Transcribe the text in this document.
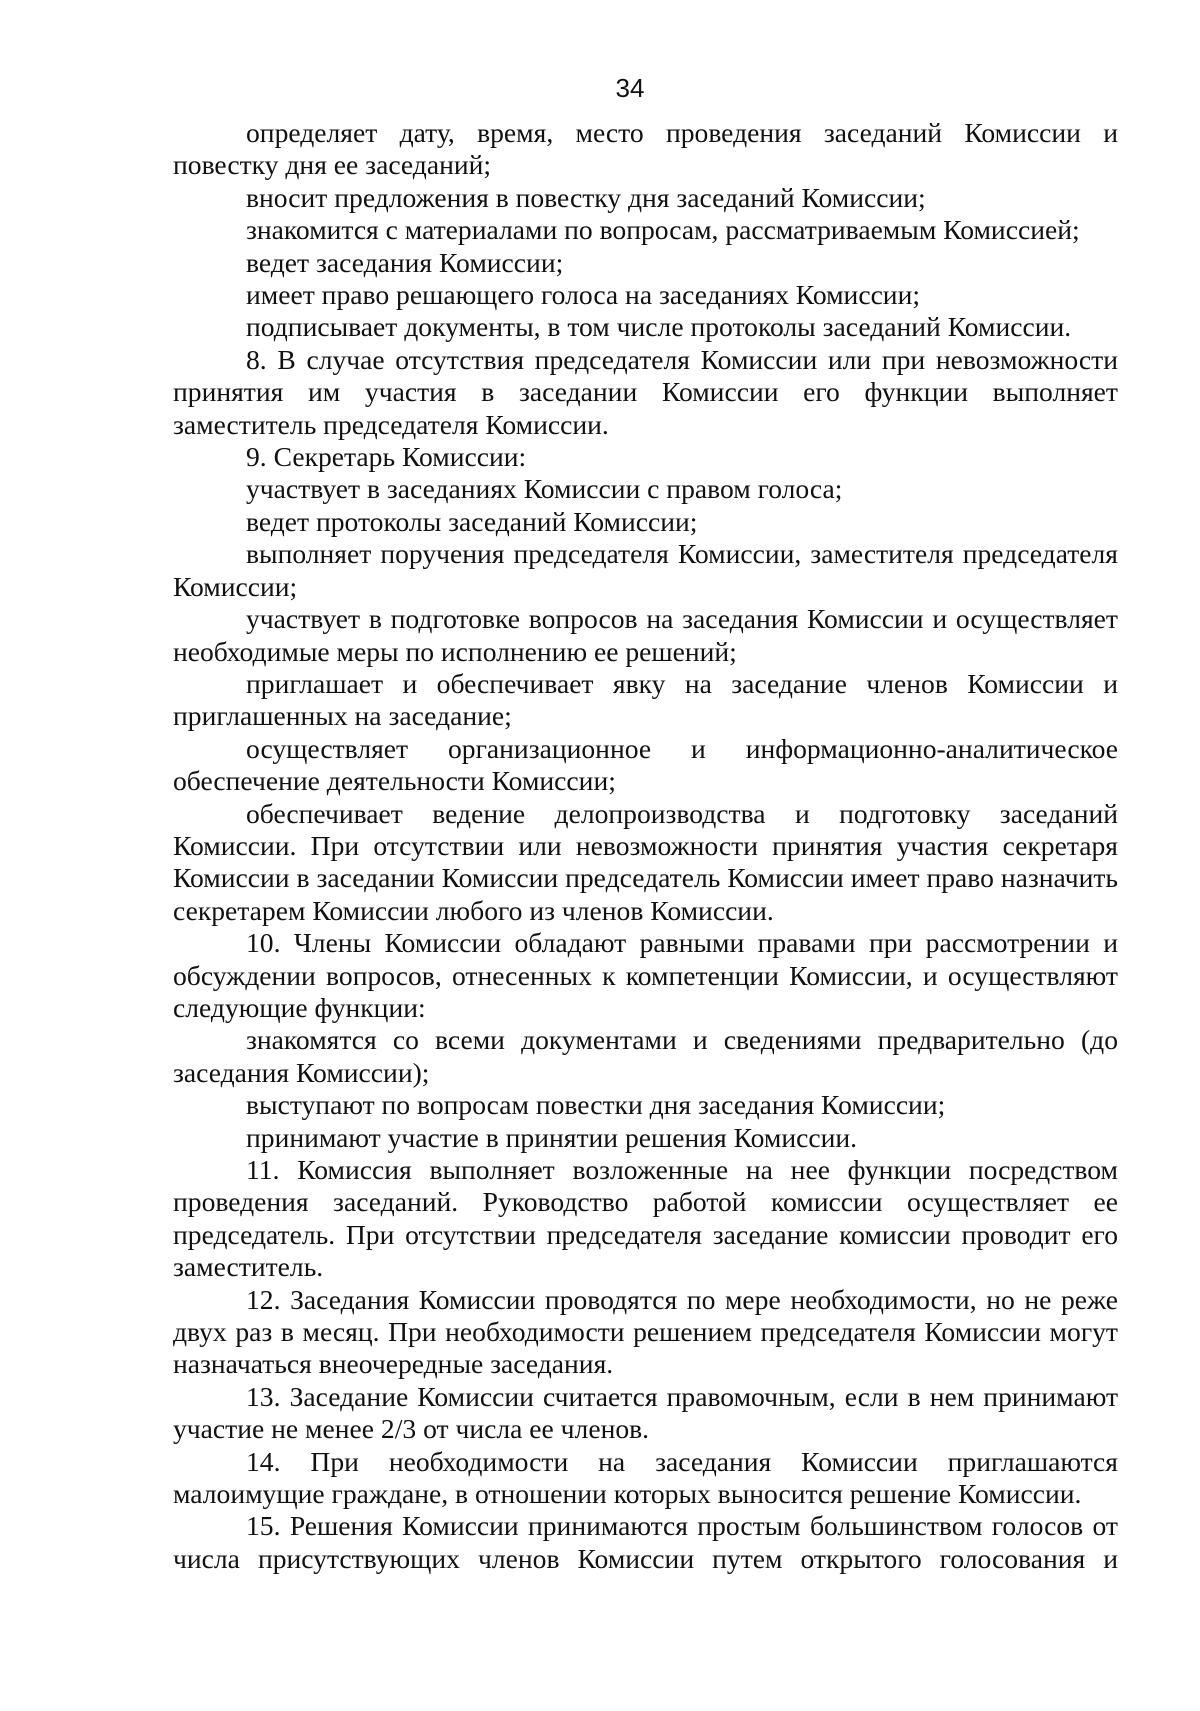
34

определяет дату, время, место проведения заседаний Комиссии и повестку дня ее заседаний;

вносит предложения в повестку дня заседаний Комиссии;

знакомится с материалами по вопросам, рассматриваемым Комиссией;

ведет заседания Комиссии;

имеет право решающего голоса на заседаниях Комиссии;

подписывает документы, в том числе протоколы заседаний Комиссии.

8. В случае отсутствия председателя Комиссии или при невозможности принятия им участия в заседании Комиссии его функции выполняет заместитель председателя Комиссии.

9. Секретарь Комиссии:

участвует в заседаниях Комиссии с правом голоса;

ведет протоколы заседаний Комиссии;

выполняет поручения председателя Комиссии, заместителя председателя Комиссии;

участвует в подготовке вопросов на заседания Комиссии и осуществляет необходимые меры по исполнению ее решений;

приглашает и обеспечивает явку на заседание членов Комиссии и приглашенных на заседание;

осуществляет организационное и информационно-аналитическое обеспечение деятельности Комиссии;

обеспечивает ведение делопроизводства и подготовку заседаний Комиссии. При отсутствии или невозможности принятия участия секретаря Комиссии в заседании Комиссии председатель Комиссии имеет право назначить секретарем Комиссии любого из членов Комиссии.

10. Члены Комиссии обладают равными правами при рассмотрении и обсуждении вопросов, отнесенных к компетенции Комиссии, и осуществляют следующие функции:

знакомятся со всеми документами и сведениями предварительно (до заседания Комиссии);

выступают по вопросам повестки дня заседания Комиссии;

принимают участие в принятии решения Комиссии.

11. Комиссия выполняет возложенные на нее функции посредством проведения заседаний. Руководство работой комиссии осуществляет ее председатель. При отсутствии председателя заседание комиссии проводит его заместитель.

12. Заседания Комиссии проводятся по мере необходимости, но не реже двух раз в месяц. При необходимости решением председателя Комиссии могут назначаться внеочередные заседания.

13. Заседание Комиссии считается правомочным, если в нем принимают участие не менее 2/3 от числа ее членов.

14. При необходимости на заседания Комиссии приглашаются малоимущие граждане, в отношении которых выносится решение Комиссии.

15. Решения Комиссии принимаются простым большинством голосов от числа присутствующих членов Комиссии путем открытого голосования и
